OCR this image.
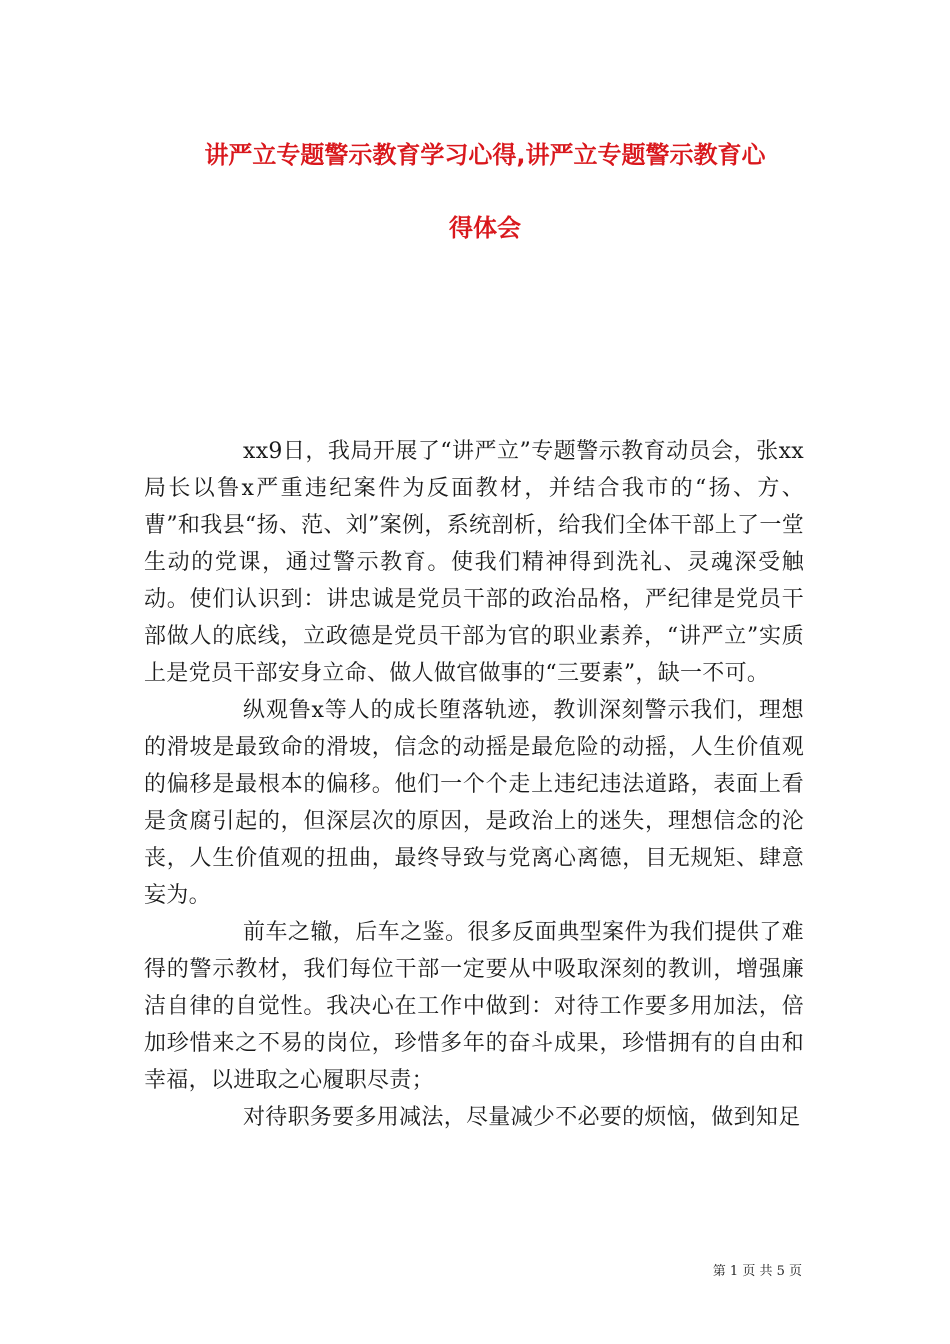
讲严立专题警示教育学习心得,讲严立专题警示教育心
得体会

xx9日，我局开展了“讲严立”专题警示教育动员会，张xx局长以鲁x严重违纪案件为反面教材，并结合我市的“扬、方、曹”和我县“扬、范、刘”案例，系统剖析，给我们全体干部上了一堂生动的党课，通过警示教育。使我们精神得到洗礼、灵魂深受触动。使们认识到：讲忠诚是党员干部的政治品格，严纪律是党员干部做人的底线，立政德是党员干部为官的职业素养，“讲严立”实质上是党员干部安身立命、做人做官做事的“三要素”，缺一不可。

纵观鲁x等人的成长堕落轨迹，教训深刻警示我们，理想的滑坡是最致命的滑坡，信念的动摇是最危险的动摇，人生价值观的偏移是最根本的偏移。他们一个个走上违纪违法道路，表面上看是贪腐引起的，但深层次的原因，是政治上的迷失，理想信念的沦丧，人生价值观的扭曲，最终导致与党离心离德，目无规矩、肆意妄为。

前车之辙，后车之鉴。很多反面典型案件为我们提供了难得的警示教材，我们每位干部一定要从中吸取深刻的教训，增强廉洁自律的自觉性。我决心在工作中做到：对待工作要多用加法，倍加珍惜来之不易的岗位，珍惜多年的奋斗成果，珍惜拥有的自由和幸福，以进取之心履职尽责；

对待职务要多用减法，尽量减少不必要的烦恼，做到知足

第 1 页 共 5 页
